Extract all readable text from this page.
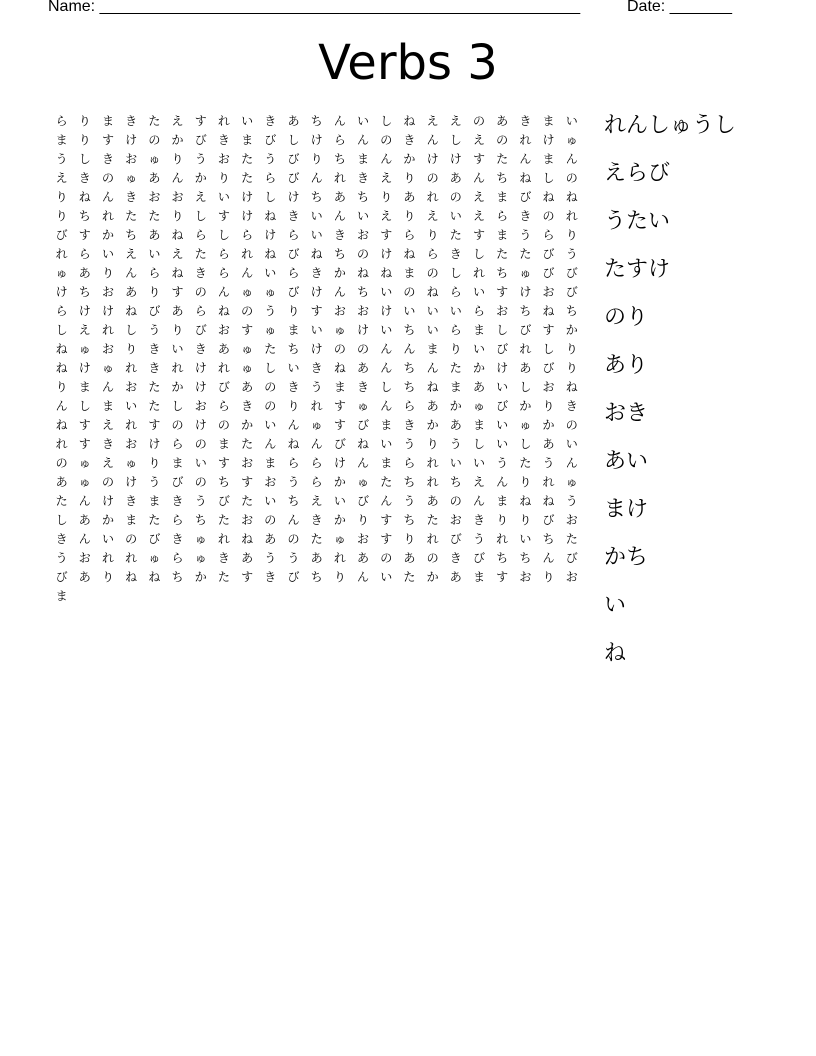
Name: ______________________________________________________	Date: _______
Verbs 3
ら り ま き た え す れ い き あ ち ん い し ね え え の あ き ま い
ま り す け の か び き ま び し け ら ん の き ん し え の れ け ゅ
う し き お ゅ り う お た う び り ち ま ん か け け す た ん ま ん
え き の ゅ あ ん か り た ら び ん れ き え り の あ ん ち ね し の
り ね ん き お お え い け し け ち あ ち り あ れ の え ま び ね ね
り ち れ た た り し す け ね き い ん い え り え い え ら き の れ
び す か ち あ ね ら し ら け ら い き お す ら り た す ま う ら り
れ ら い え い え た ら れ ね び ね ち の け ね ら き し た た び う
ゅ あ り ん ら ね き ら ん い ら き か ね ね ま の し れ ち ゅ び び
け ち お あ り す の ん ゅ ゅ び け ん ち い の ね ら い す け お び
ら け け ね び あ ら ね の う り す お お け い い い ら お ち ね ち
し え れ し う り び お す ゅ ま い ゅ け い ち い ら ま し び す か
ね ゅ お り き い き あ ゅ た ち け の の ん ん ま り い び れ し り
ね け ゅ れ き れ け れ ゅ し い き ね あ ん ち ん た か け あ び り
り ま ん お た か け び あ の き う ま き し ち ね ま あ い し お ね
ん し ま い た し お ら き の り れ す ゅ ん ら あ か ゅ び か り き
ね す え れ す の け の か い ん ゅ す び ま き か あ ま い ゅ か の
れ す き お け ら の ま た ん ね ん び ね い う り う し い し あ い
の ゅ え ゅ り ま い す お ま ら ら け ん ま ら れ い い う た う ん
あ ゅ の け う び の ち す お う ら か ゅ た ち れ ち え ん り れ ゅ
た ん け き ま き う び た い ち え い び ん う あ の ん ま ね ね う
し あ か ま た ら ち た お の ん き か り す ち た お き り り び お
き ん い の び き ゅ れ ね あ の た ゅ お す り れ び う れ い ち た
う お れ れ ゅ ら ゅ き あ う う あ れ あ の あ の き び ち ち ん び
び あ り ね ね ち か た す き び ち り ん い た か あ ま す お り お
ま
れんしゅうし
えらび
うたい
たすけ
のり
あり
おき
あい
まけ
かち
い
ね
